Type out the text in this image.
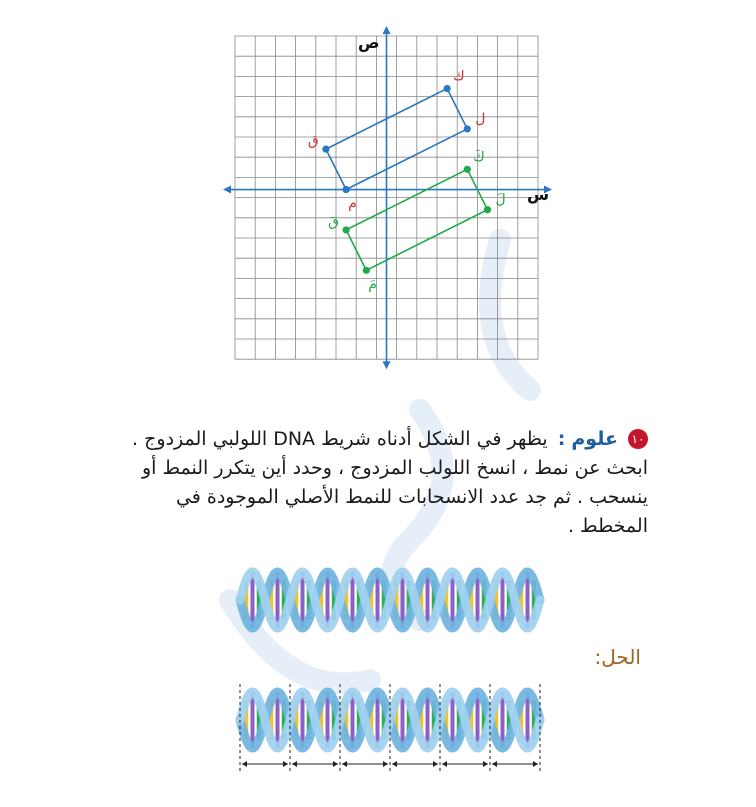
ك
ل
م
ق
كَ
لَ
مَ
قَ
س
ص
١٠ علوم : يظهر في الشكل أدناه شريط DNA اللولبي المزدوج . ابحث عن نمط ، انسخ اللولب المزدوج ، وحدد أين يتكرر النمط أو ينسحب . ثم جد عدد الانسحابات للنمط الأصلي الموجودة في المخطط .
الحل:
